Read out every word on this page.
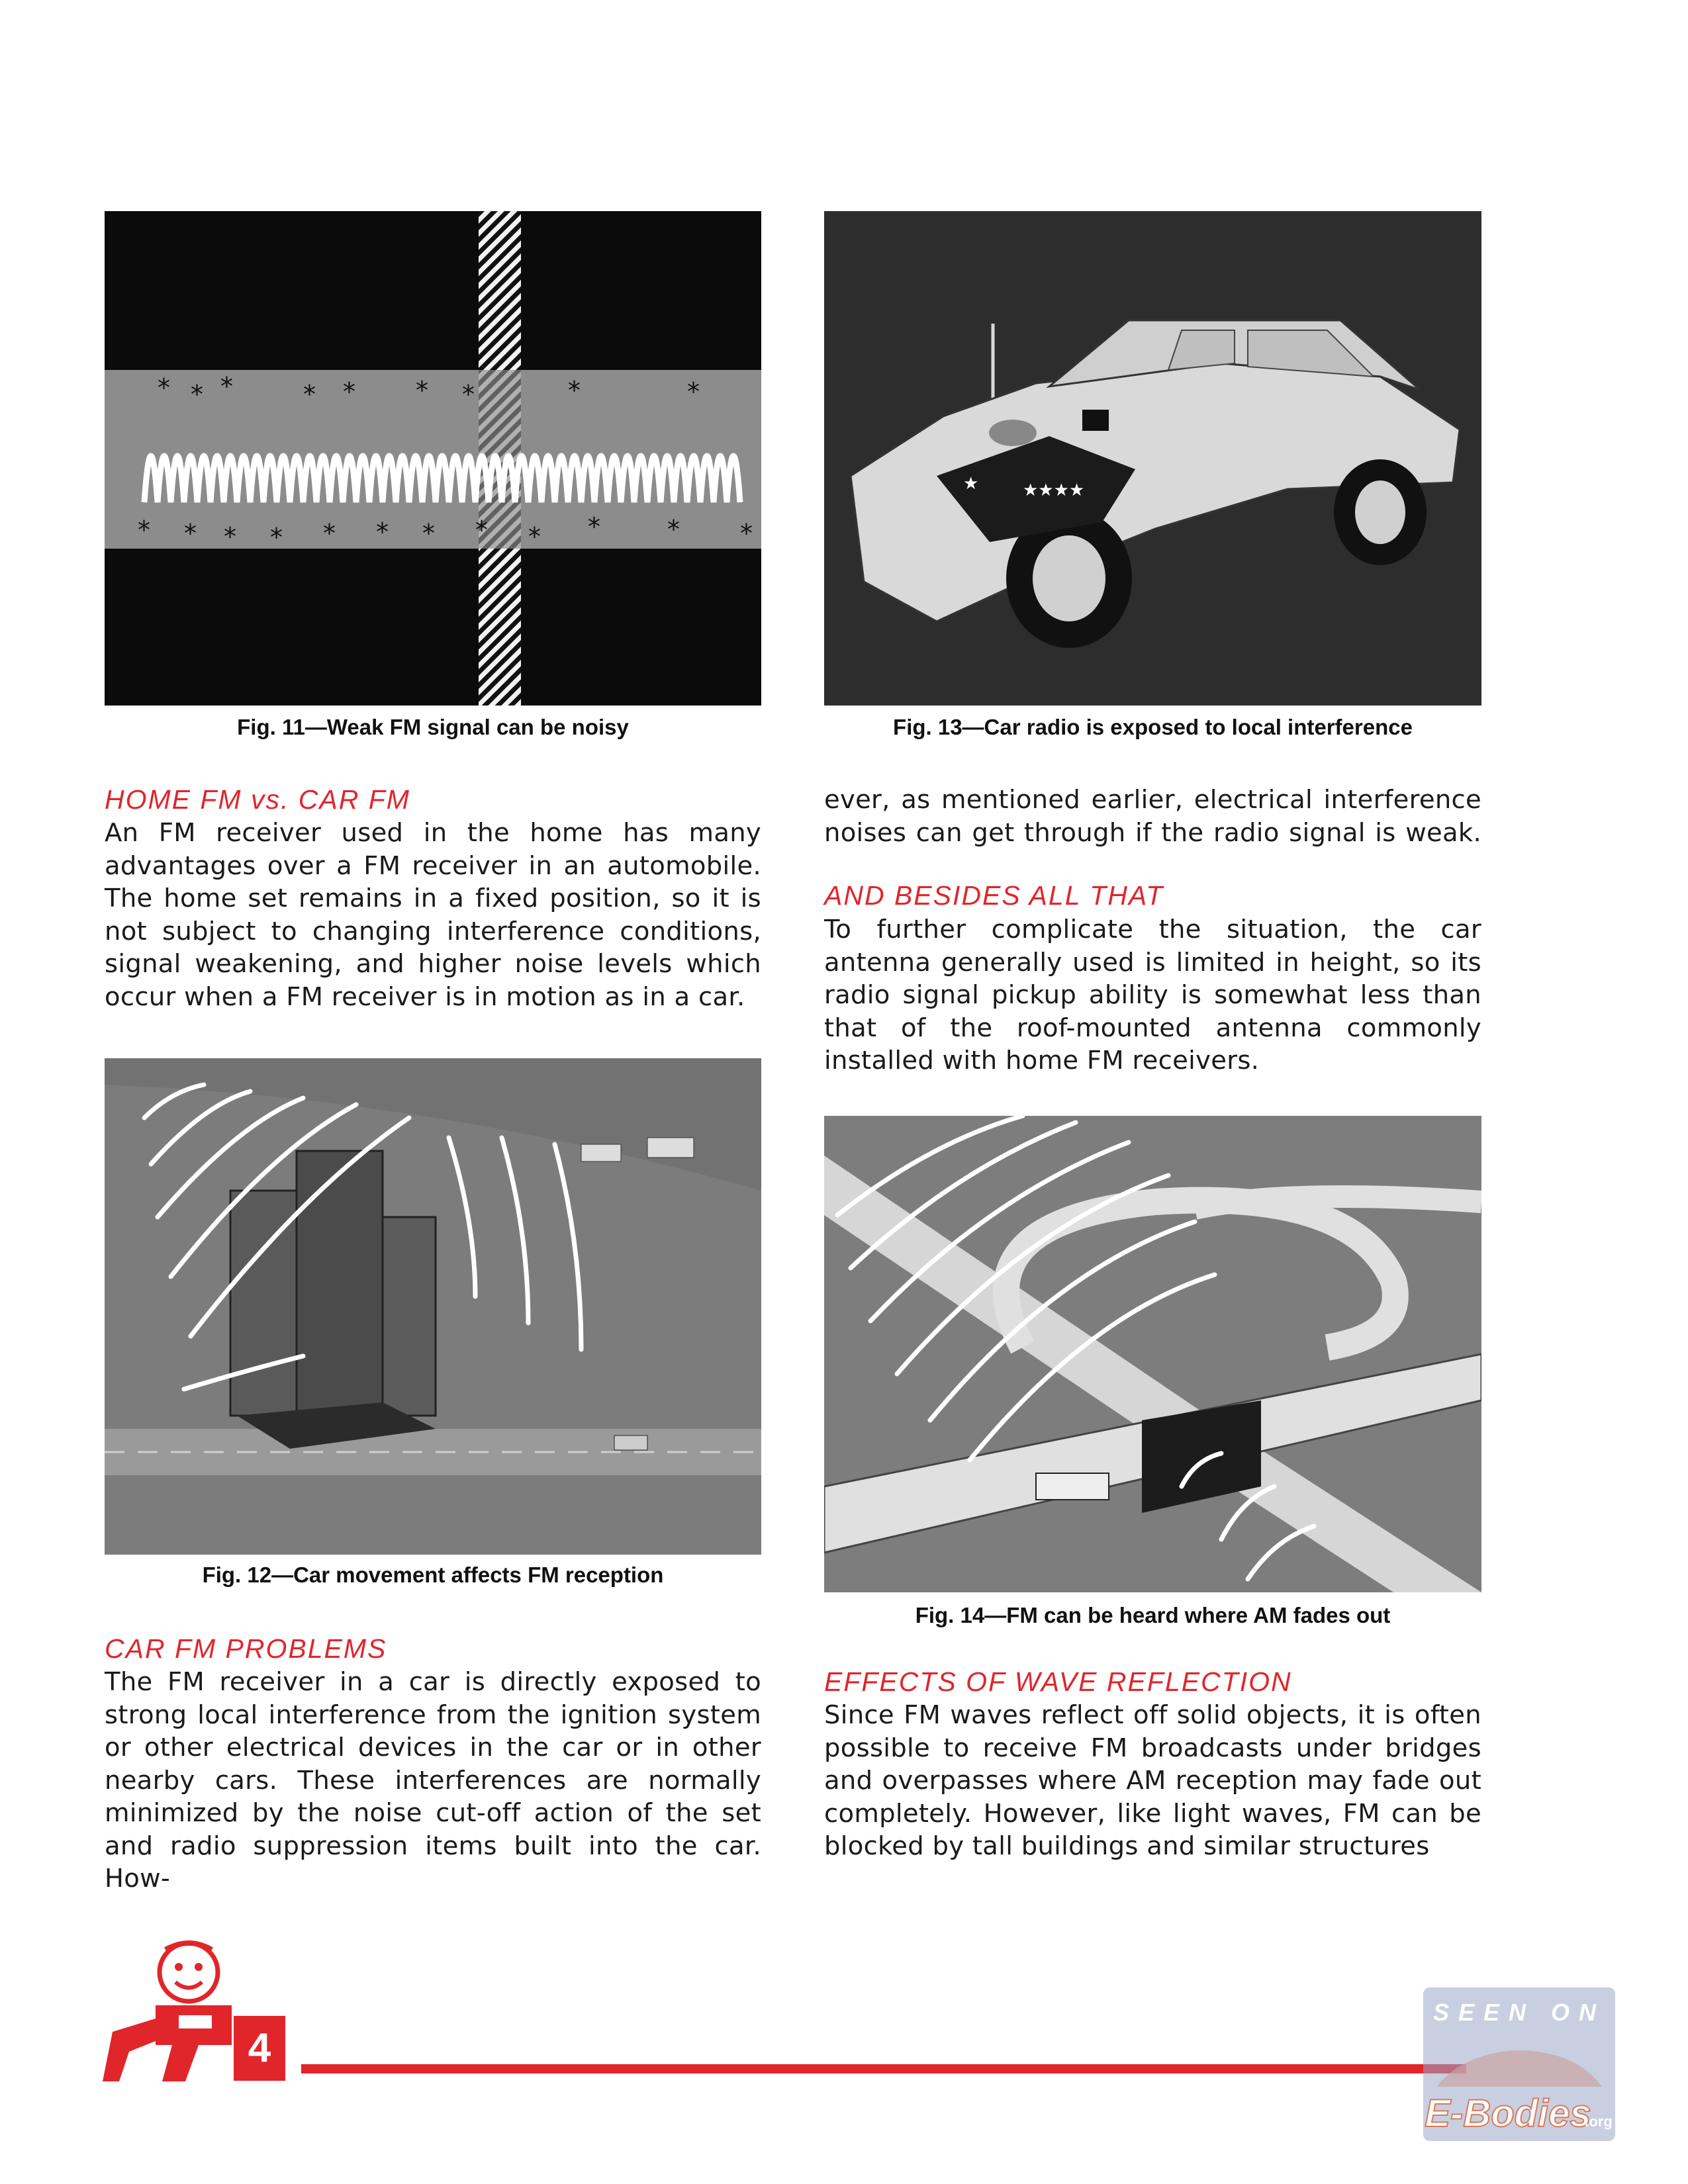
* * *	* * * *	*	*
* * * * * * * * * *	* *
Fig. 11—Weak FM signal can be noisy
★	★★★★
Fig. 13—Car radio is exposed to local interference
HOME FM vs. CAR FM

An FM receiver used in the home has many advantages over a FM receiver in an automobile. The home set remains in a fixed position, so it is not subject to changing interference conditions, signal weakening, and higher noise levels which occur when a FM receiver is in motion as in a car.

ever, as mentioned earlier, electrical interference noises can get through if the radio signal is weak.

AND BESIDES ALL THAT

To further complicate the situation, the car antenna generally used is limited in height, so its radio signal pickup ability is somewhat less than that of the roof-mounted antenna commonly installed with home FM receivers.

Fig. 12—Car movement affects FM reception
Fig. 14—FM can be heard where AM fades out
CAR FM PROBLEMS

The FM receiver in a car is directly exposed to strong local interference from the ignition system or other electrical devices in the car or in other nearby cars. These interferences are normally minimized by the noise cut-off action of the set and radio suppression items built into the car. How-

EFFECTS OF WAVE REFLECTION

Since FM waves reflect off solid objects, it is often possible to receive FM broadcasts under bridges and overpasses where AM reception may fade out completely. However, like light waves, FM can be blocked by tall buildings and similar structures

4
SEEN ON
E-Bodies
.org
